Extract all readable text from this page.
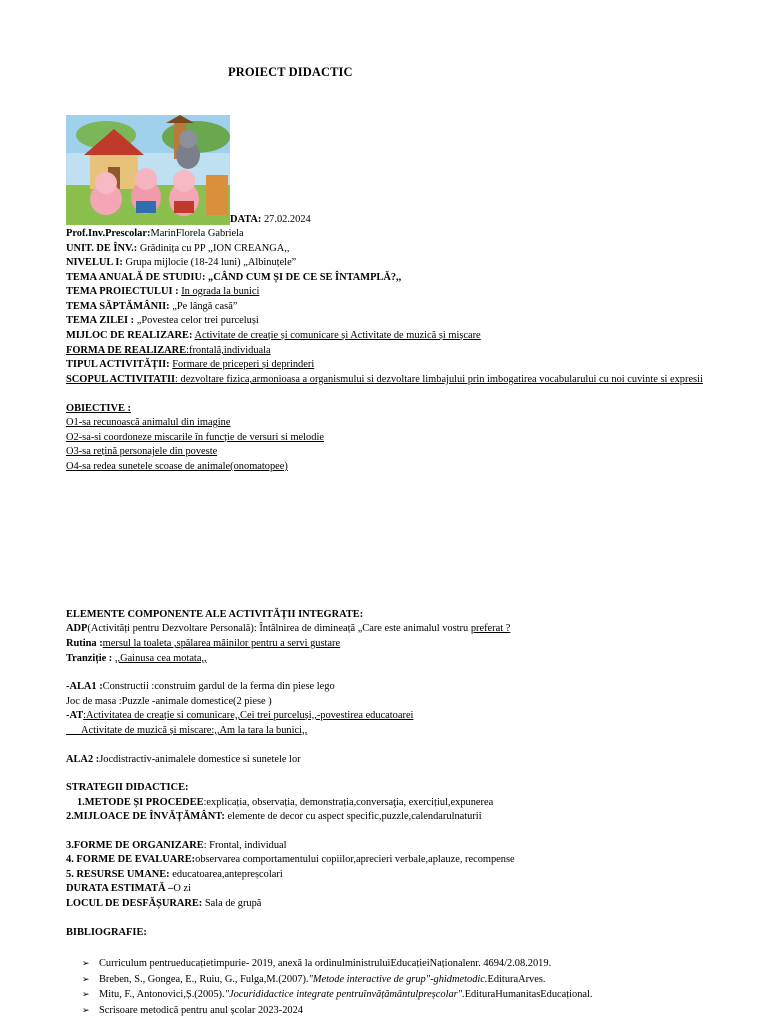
PROIECT DIDACTIC
DATA: 27.02.2024
Prof.Inv.Prescolar:MarinFlorela Gabriela
UNIT. DE ÎNV.: Grădinița cu PP ,,ION CREANGA,,
NIVELUL I: Grupa mijlocie (18-24 luni) „Albinuțele”
TEMA ANUALĂ DE STUDIU: „CÂND CUM ȘI DE CE SE ÎNTAMPLĂ?,,
TEMA PROIECTULUI : In ograda la bunici
TEMA SĂPTĂMÂNII: „Pe lângă casă”
TEMA ZILEI : „Povestea celor trei purceluși
MIJLOC DE REALIZARE: Activitate de creație și comunicare și Activitate de muzică și mișcare
FORMA DE REALIZARE:frontală,individuala
TIPUL ACTIVITĂȚII: Formare de priceperi și deprinderi
SCOPUL ACTIVITATII: dezvoltare fizica,armonioasa a organismului si dezvoltare limbajului prin imbogatirea vocabularului cu noi cuvinte si expresii
OBIECTIVE :
O1-sa recunoască animalul din imagine
O2-sa-si coordoneze miscarile în funcție de versuri si melodie
O3-sa rețină personajele din poveste
O4-sa redea sunetele scoase de animale(onomatopee)
ELEMENTE COMPONENTE ALE ACTIVITĂȚII INTEGRATE:
ADP(Activități pentru Dezvoltare Personală): Întâlnirea de dimineață „Care este animalul vostru preferat ?
Rutina :mersul la toaleta ,spălarea mâinilor pentru a servi gustare
Tranziție : ,,Gainusa cea motata,,
-ALA1 :Constructii :construim gardul de la ferma din piese lego
Joc de masa :Puzzle -animale domestice(2 piese )
-AT:Activitatea de creație si comunicare,,Cei trei purceluși,,-povestirea educatoarei
Activitate de muzică și miscare:,,Am la tara la bunici,,
ALA2 :Jocdistractiv-animalele domestice si sunetele lor
STRATEGII DIDACTICE:
1.METODE ȘI PROCEDEE:explicația, observația, demonstrația,conversaţia, exercițiul,expunerea
2.MIJLOACE DE ÎNVĂȚĂMÂNT: elemente de decor cu aspect specific,puzzle,calendarulnaturii
3.FORME DE ORGANIZARE: Frontal, individual
4. FORME DE EVALUARE:observarea comportamentului copiilor,aprecieri verbale,aplauze, recompense
5. RESURSE UMANE: educatoarea,antepreșcolari
DURATA ESTIMATĂ –O zi
LOCUL DE DESFĂȘURARE: Sala de grupă
BIBLIOGRAFIE:
➢ Curriculum pentrueducațietimpurie- 2019, anexă la ordinulministruluiEducațieiNaționalenr. 4694/2.08.2019.
➢ Breben, S., Gongea, E., Ruiu, G., Fulga,M.(2007). "Metode interactive de grup"-ghidmetodic. EdituraArves.
➢ Mitu, F., Antonovici,Ș.(2005). "Jocurididactice integrate pentruînvățământulpreșcolar". EdituraHumanitasEducațional.
➢ Scrisoare metodică pentru anul școlar 2023-2024
